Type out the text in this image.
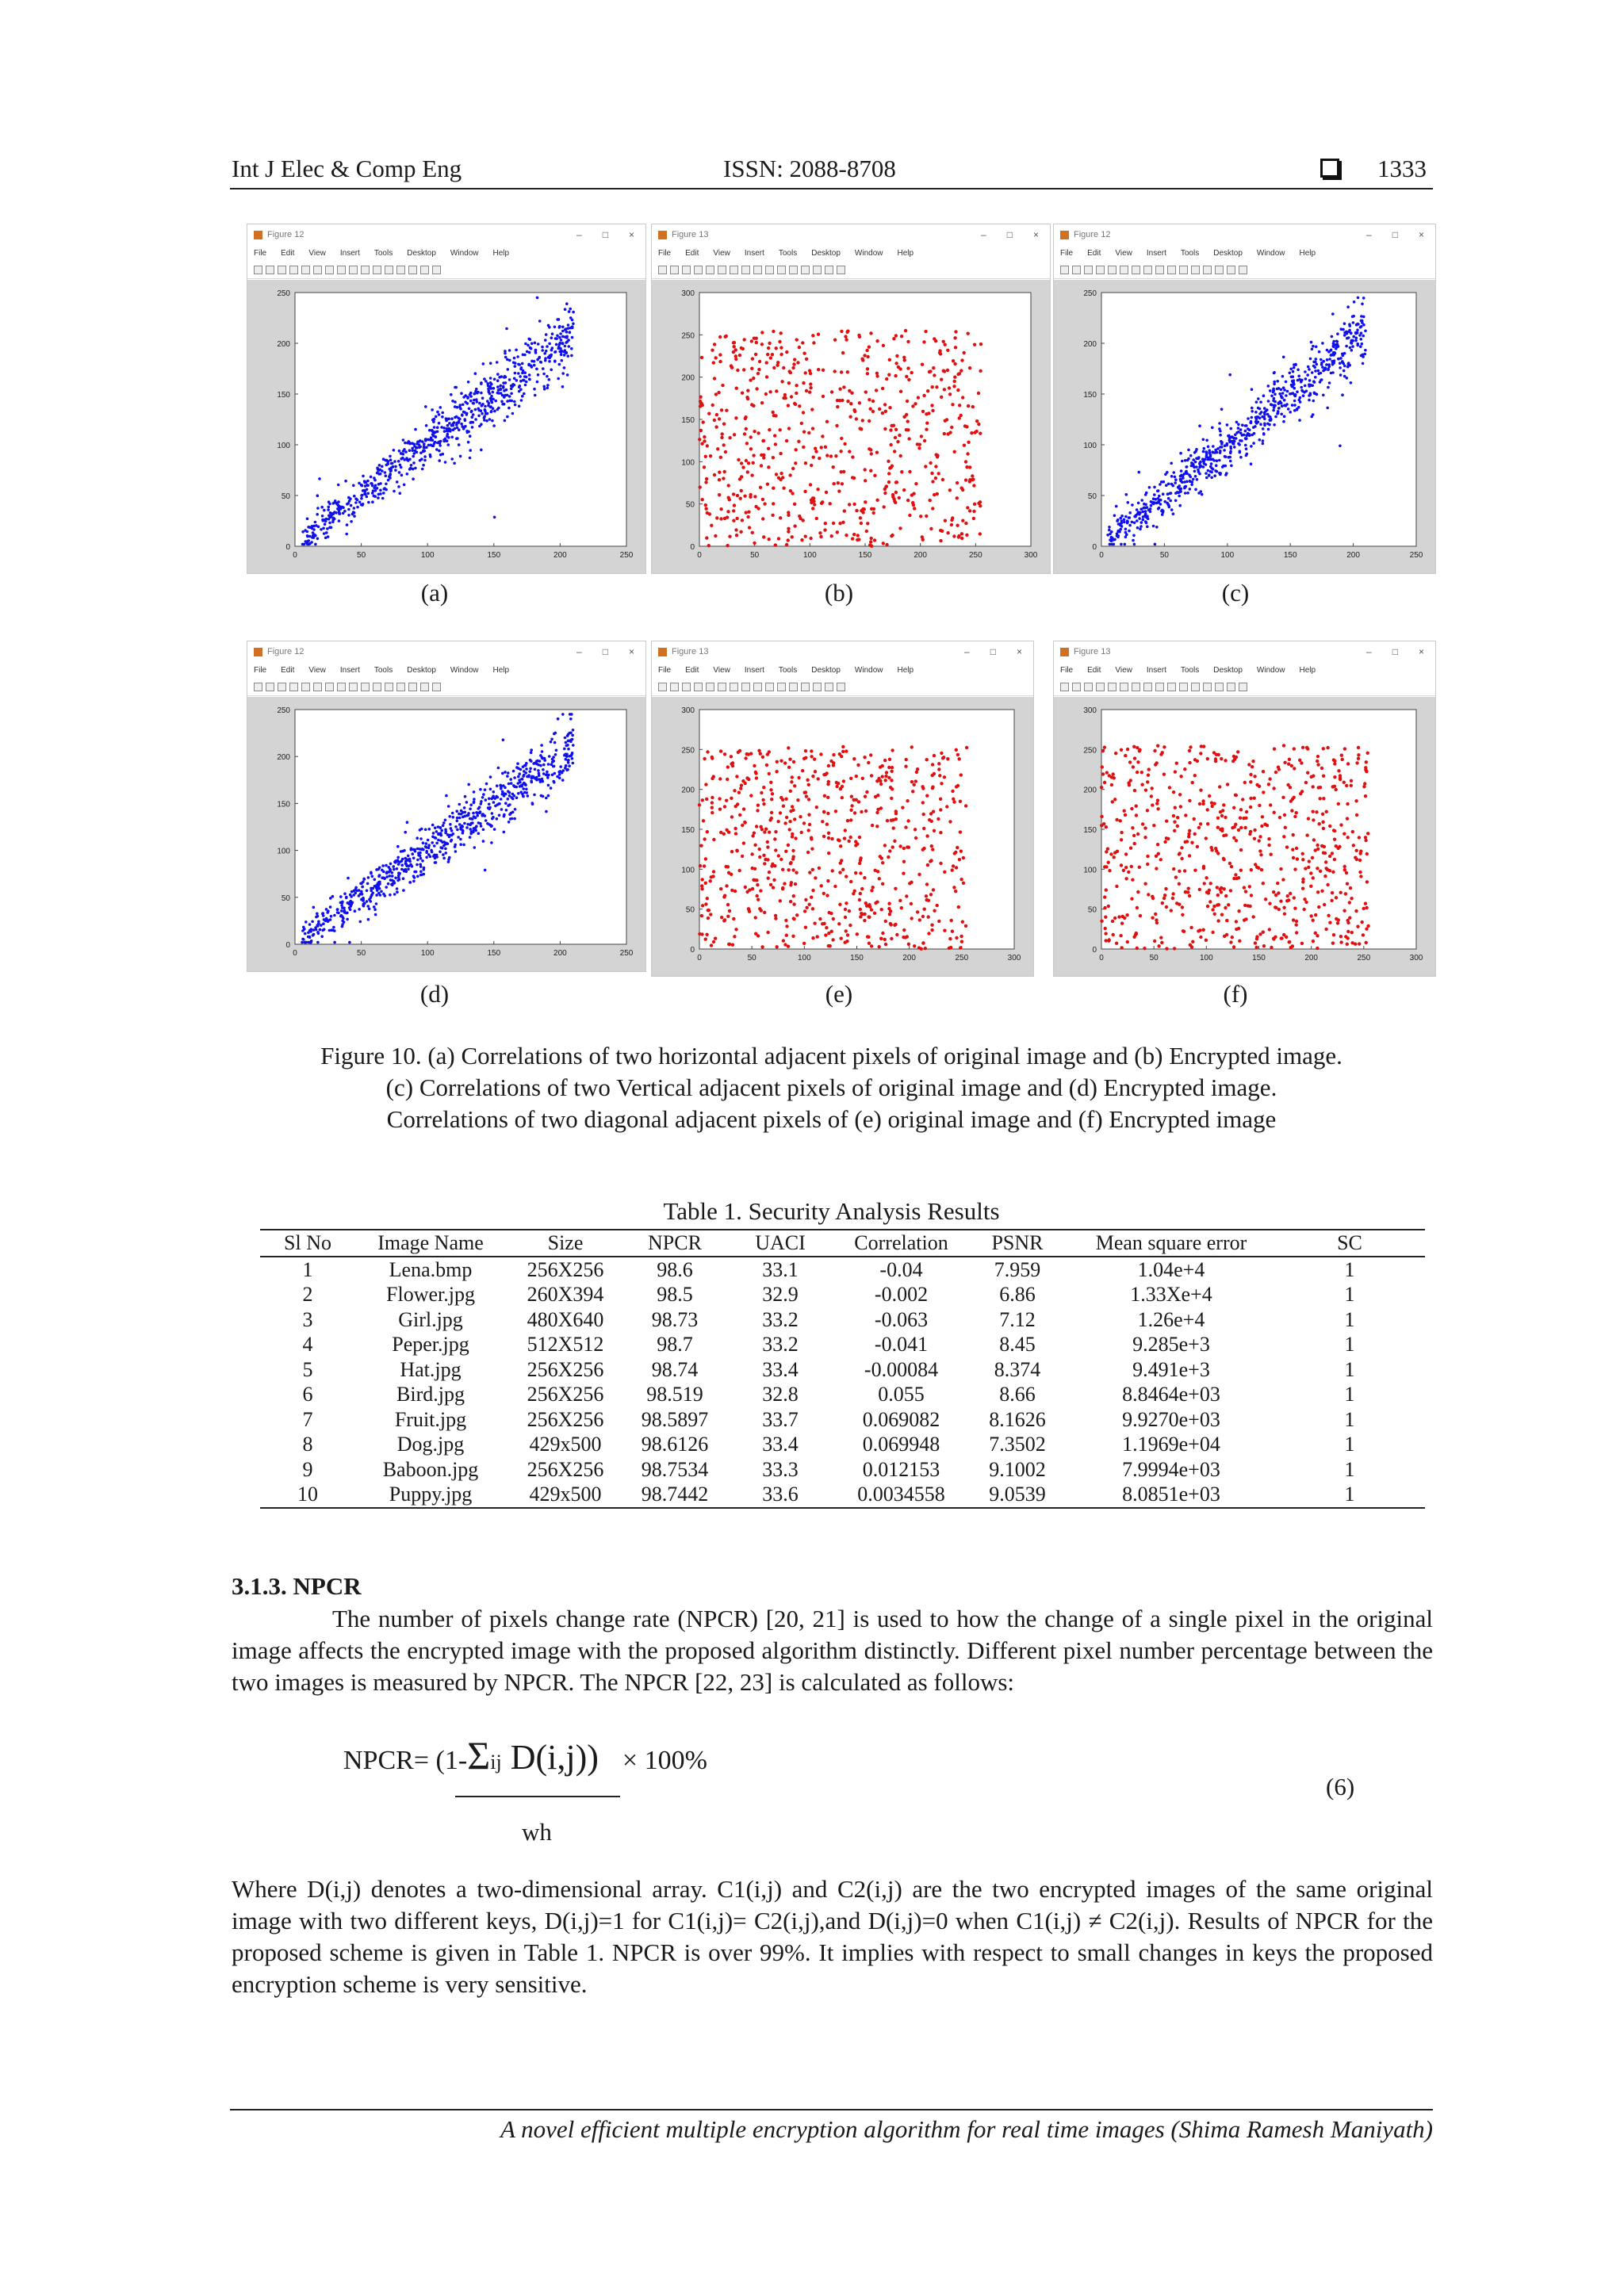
Int J Elec & Comp Eng	ISSN: 2088-8708	1333
Figure 12	– □ ×
File Edit View Insert Tools Desktop Window Help
0	50	100	150	200	250
0
50
100
150
200
250
Figure 13	– □ ×
File Edit View Insert Tools Desktop Window Help
0	50	100	150	200	250	300
0
50
100
150
200
250
300
Figure 12	– □ ×
File Edit View Insert Tools Desktop Window Help
0	50	100	150	200	250
0
50
100
150
200
250
Figure 12	– □ ×
File Edit View Insert Tools Desktop Window Help
0	50	100	150	200	250
0
50
100
150
200
250
Figure 13	– □ ×
File Edit View Insert Tools Desktop Window Help
0	50	100	150	200	250	300
0
50
100
150
200
250
300
Figure 13	– □ ×
File Edit View Insert Tools Desktop Window Help
0	50	100	150	200	250	300
0
50
100
150
200
250
300
(a)	(b)	(c)
(d)	(e)	(f)
Figure 10. (a) Correlations of two horizontal adjacent pixels of original image and (b) Encrypted image.
(c) Correlations of two Vertical adjacent pixels of original image and (d) Encrypted image.
Correlations of two diagonal adjacent pixels of (e) original image and (f) Encrypted image
Table 1. Security Analysis Results
Sl No	Image Name	Size	NPCR	UACI	Correlation	PSNR	Mean square error	SC
1	Lena.bmp	256X256	98.6	33.1	-0.04	7.959	1.04e+4	1
2	Flower.jpg	260X394	98.5	32.9	-0.002	6.86	1.33Xe+4	1
3	Girl.jpg	480X640	98.73	33.2	-0.063	7.12	1.26e+4	1
4	Peper.jpg	512X512	98.7	33.2	-0.041	8.45	9.285e+3	1
5	Hat.jpg	256X256	98.74	33.4	-0.00084	8.374	9.491e+3	1
6	Bird.jpg	256X256	98.519	32.8	0.055	8.66	8.8464e+03	1
7	Fruit.jpg	256X256	98.5897	33.7	0.069082	8.1626	9.9270e+03	1
8	Dog.jpg	429x500	98.6126	33.4	0.069948	7.3502	1.1969e+04	1
9	Baboon.jpg	256X256	98.7534	33.3	0.012153	9.1002	7.9994e+03	1
10	Puppy.jpg	429x500	98.7442	33.6	0.0034558	9.0539	8.0851e+03	1
3.1.3. NPCR
The number of pixels change rate (NPCR) [20, 21] is used to how the change of a single pixel in the original image affects the encrypted image with the proposed algorithm distinctly. Different pixel number percentage between the two images is measured by NPCR. The NPCR [22, 23] is calculated as follows:
NPCR= (1-Σij D(i,j)) × 100%
wh
(6)
Where D(i,j) denotes a two-dimensional array. C1(i,j) and C2(i,j) are the two encrypted images of the same original image with two different keys, D(i,j)=1 for C1(i,j)= C2(i,j),and D(i,j)=0 when C1(i,j) ≠ C2(i,j). Results of NPCR for the proposed scheme is given in Table 1. NPCR is over 99%. It implies with respect to small changes in keys the proposed encryption scheme is very sensitive.
A novel efficient multiple encryption algorithm for real time images (Shima Ramesh Maniyath)
